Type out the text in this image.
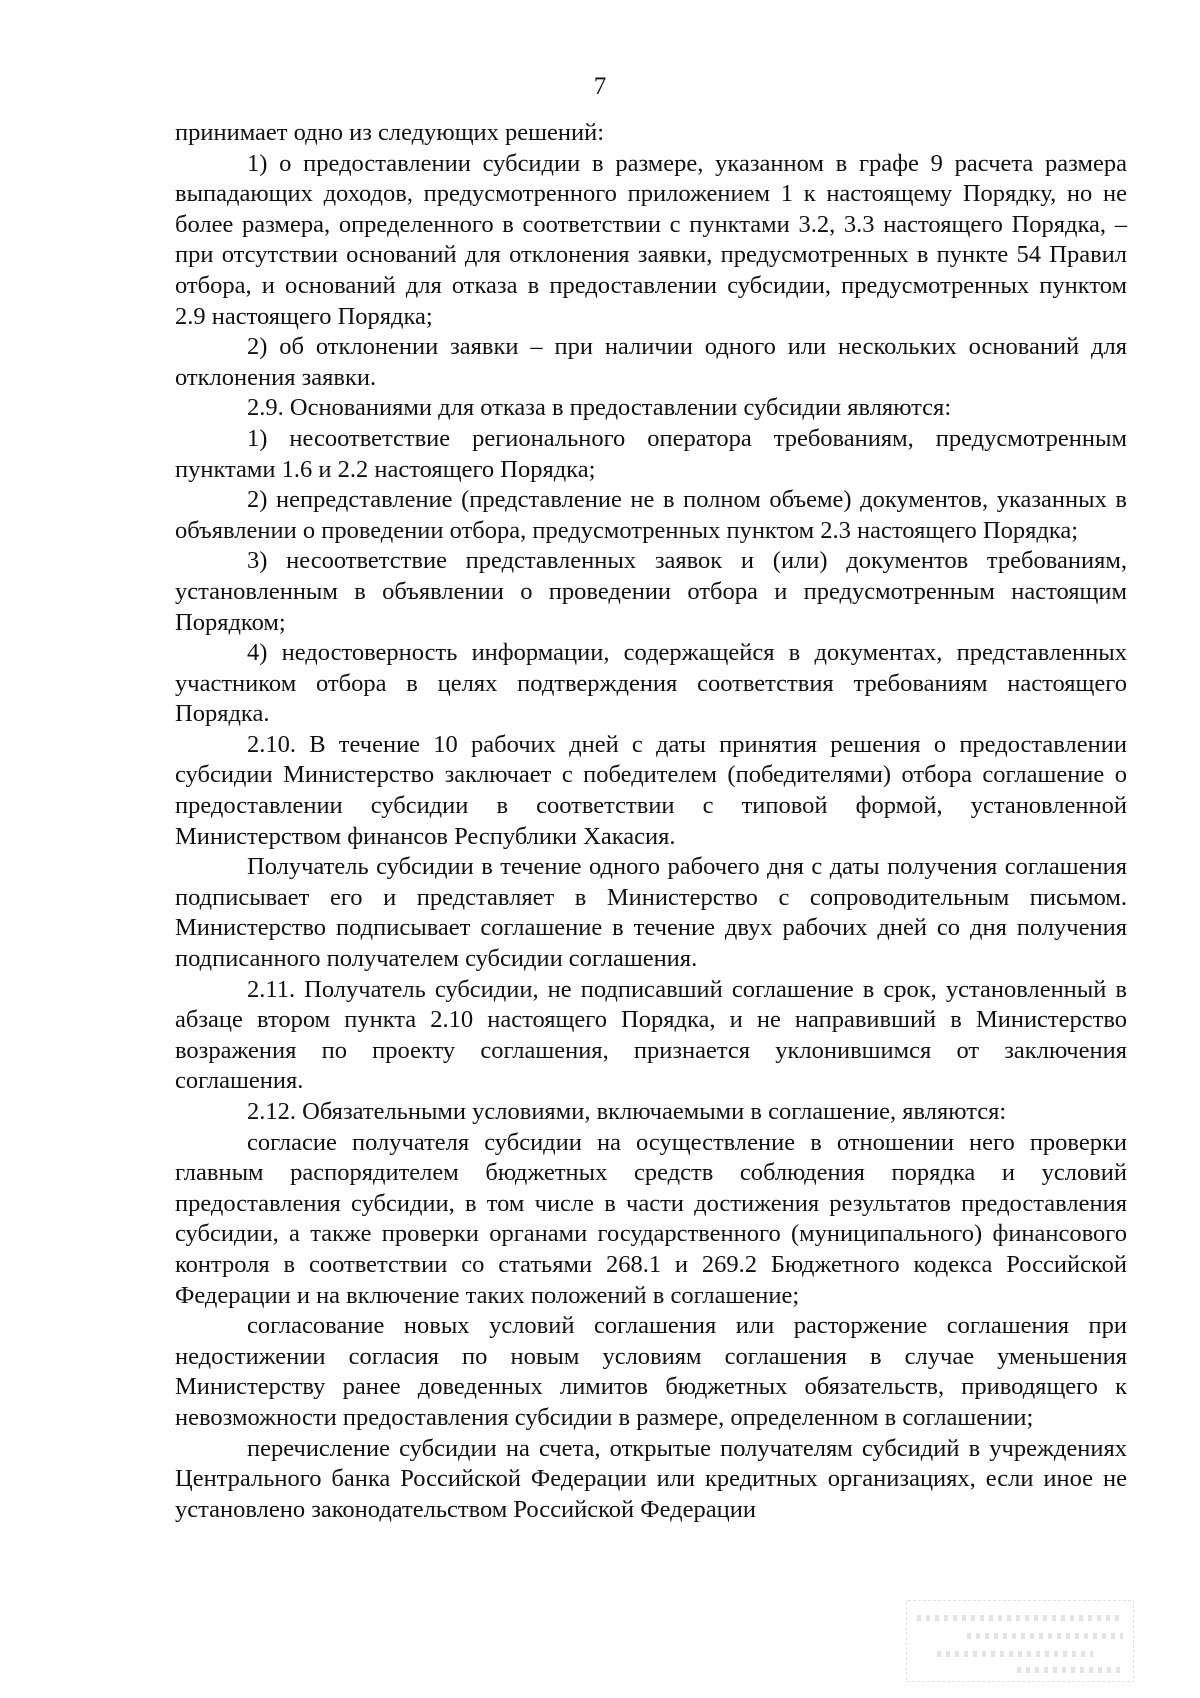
7

принимает одно из следующих решений:

1) о предоставлении субсидии в размере, указанном в графе 9 расчета размера выпадающих доходов, предусмотренного приложением 1 к настоящему Порядку, но не более размера, определенного в соответствии с пунктами 3.2, 3.3 настоящего Порядка, – при отсутствии оснований для отклонения заявки, предусмотренных в пункте 54 Правил отбора, и оснований для отказа в предоставлении субсидии, предусмотренных пунктом 2.9 настоящего Порядка;

2) об отклонении заявки – при наличии одного или нескольких оснований для отклонения заявки.

2.9. Основаниями для отказа в предоставлении субсидии являются:

1) несоответствие регионального оператора требованиям, предусмотренным пунктами 1.6 и 2.2 настоящего Порядка;

2) непредставление (представление не в полном объеме) документов, указанных в объявлении о проведении отбора, предусмотренных пунктом 2.3 настоящего Порядка;

3) несоответствие представленных заявок и (или) документов требованиям, установленным в объявлении о проведении отбора и предусмотренным настоящим Порядком;

4) недостоверность информации, содержащейся в документах, представленных участником отбора в целях подтверждения соответствия требованиям настоящего Порядка.

2.10. В течение 10 рабочих дней с даты принятия решения о предоставлении субсидии Министерство заключает с победителем (победителями) отбора соглашение о предоставлении субсидии в соответствии с типовой формой, установленной Министерством финансов Республики Хакасия.

Получатель субсидии в течение одного рабочего дня с даты получения соглашения подписывает его и представляет в Министерство с сопроводительным письмом. Министерство подписывает соглашение в течение двух рабочих дней со дня получения подписанного получателем субсидии соглашения.

2.11. Получатель субсидии, не подписавший соглашение в срок, установленный в абзаце втором пункта 2.10 настоящего Порядка, и не направивший в Министерство возражения по проекту соглашения, признается уклонившимся от заключения соглашения.

2.12. Обязательными условиями, включаемыми в соглашение, являются:

согласие получателя субсидии на осуществление в отношении него проверки главным распорядителем бюджетных средств соблюдения порядка и условий предоставления субсидии, в том числе в части достижения результатов предоставления субсидии, а также проверки органами государственного (муниципального) финансового контроля в соответствии со статьями 268.1 и 269.2 Бюджетного кодекса Российской Федерации и на включение таких положений в соглашение;

согласование новых условий соглашения или расторжение соглашения при недостижении согласия по новым условиям соглашения в случае уменьшения Министерству ранее доведенных лимитов бюджетных обязательств, приводящего к невозможности предоставления субсидии в размере, определенном в соглашении;

перечисление субсидии на счета, открытые получателям субсидий в учреждениях Центрального банка Российской Федерации или кредитных организациях, если иное не установлено законодательством Российской Федерации
